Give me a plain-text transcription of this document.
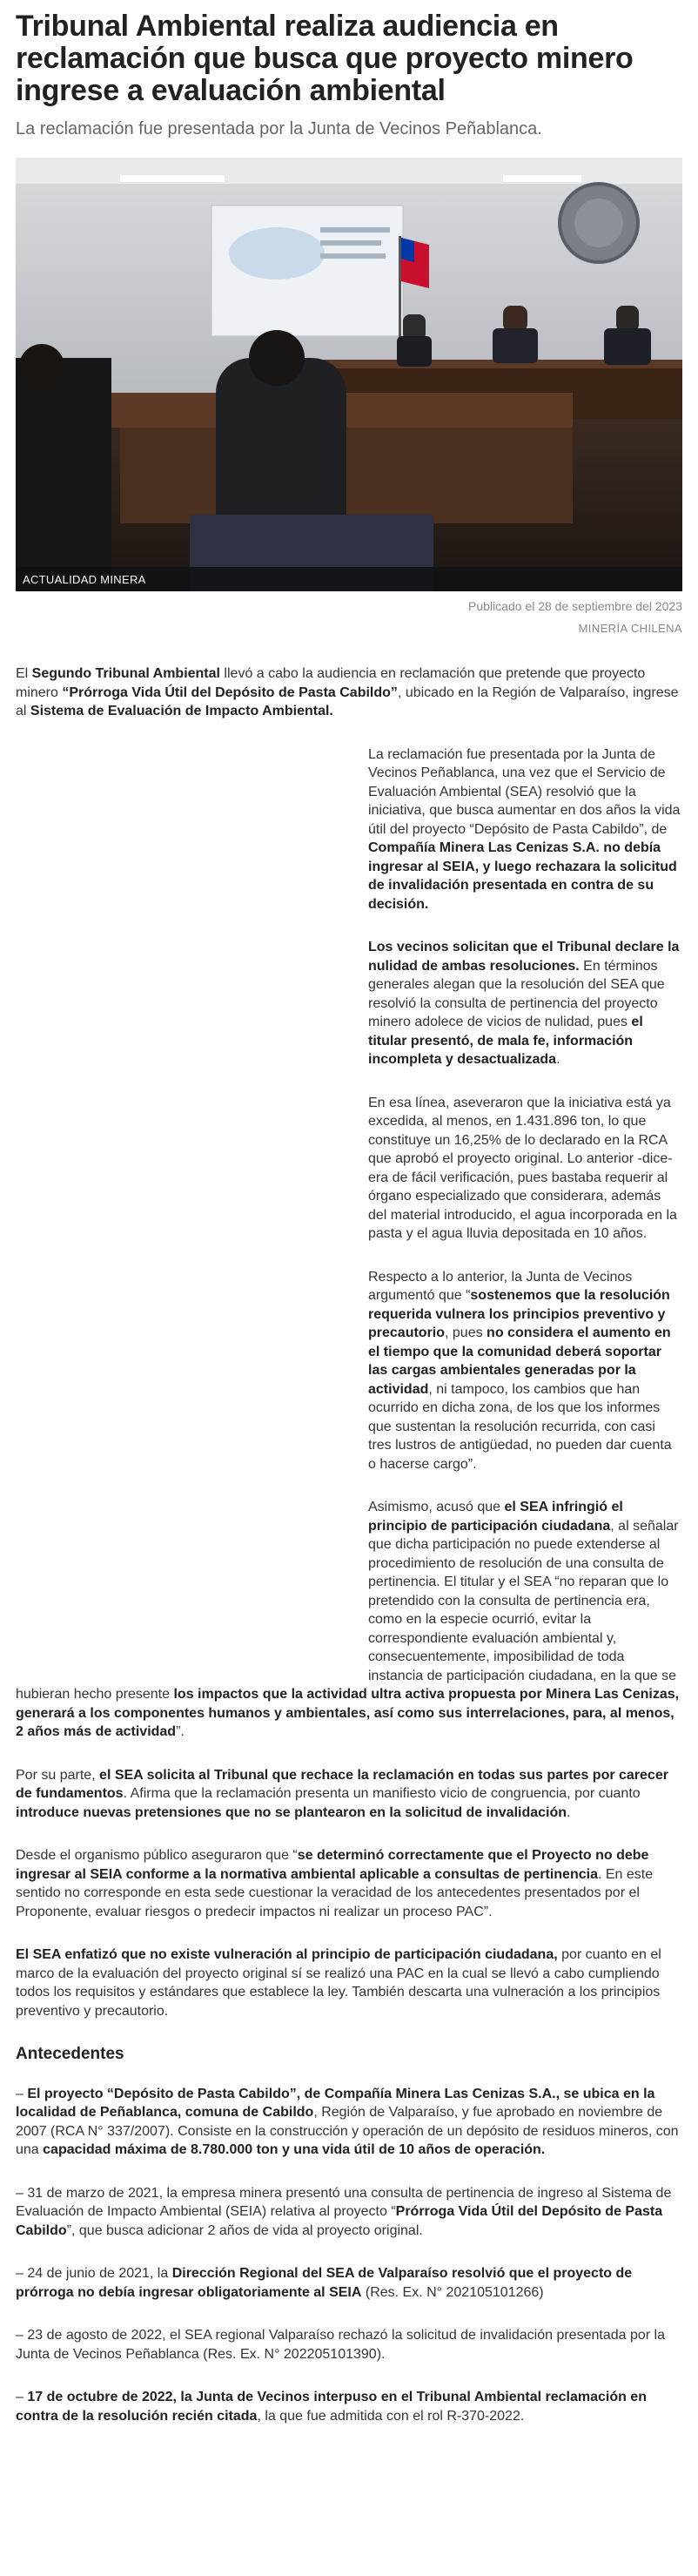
Tribunal Ambiental realiza audiencia en reclamación que busca que proyecto minero ingrese a evaluación ambiental

La reclamación fue presentada por la Junta de Vecinos Peñablanca.

ACTUALIDAD MINERA
Publicado el 28 de septiembre del 2023
MINERÍA CHILENA

El Segundo Tribunal Ambiental llevó a cabo la audiencia en reclamación que pretende que proyecto minero “Prórroga Vida Útil del Depósito de Pasta Cabildo”, ubicado en la Región de Valparaíso, ingrese al Sistema de Evaluación de Impacto Ambiental.

La reclamación fue presentada por la Junta de Vecinos Peñablanca, una vez que el Servicio de Evaluación Ambiental (SEA) resolvió que la iniciativa, que busca aumentar en dos años la vida útil del proyecto “Depósito de Pasta Cabildo”, de Compañía Minera Las Cenizas S.A. no debía ingresar al SEIA, y luego rechazara la solicitud de invalidación presentada en contra de su decisión.

Los vecinos solicitan que el Tribunal declare la nulidad de ambas resoluciones. En términos generales alegan que la resolución del SEA que resolvió la consulta de pertinencia del proyecto minero adolece de vicios de nulidad, pues el titular presentó, de mala fe, información incompleta y desactualizada.

En esa línea, aseveraron que la iniciativa está ya excedida, al menos, en 1.431.896 ton, lo que constituye un 16,25% de lo declarado en la RCA que aprobó el proyecto original. Lo anterior -dice- era de fácil verificación, pues bastaba requerir al órgano especializado que considerara, además del material introducido, el agua incorporada en la pasta y el agua lluvia depositada en 10 años.

Respecto a lo anterior, la Junta de Vecinos argumentó que “sostenemos que la resolución requerida vulnera los principios preventivo y precautorio, pues no considera el aumento en el tiempo que la comunidad deberá soportar las cargas ambientales generadas por la actividad, ni tampoco, los cambios que han ocurrido en dicha zona, de los que los informes que sustentan la resolución recurrida, con casi tres lustros de antigüedad, no pueden dar cuenta o hacerse cargo”.

Asimismo, acusó que el SEA infringió el principio de participación ciudadana, al señalar que dicha participación no puede extenderse al procedimiento de resolución de una consulta de pertinencia. El titular y el SEA “no reparan que lo pretendido con la consulta de pertinencia era, como en la especie ocurrió, evitar la correspondiente evaluación ambiental y, consecuentemente, imposibilidad de toda instancia de participación ciudadana, en la que se hubieran hecho presente los impactos que la actividad ultra activa propuesta por Minera Las Cenizas, generará a los componentes humanos y ambientales, así como sus interrelaciones, para, al menos, 2 años más de actividad”.

Por su parte, el SEA solicita al Tribunal que rechace la reclamación en todas sus partes por carecer de fundamentos. Afirma que la reclamación presenta un manifiesto vicio de congruencia, por cuanto introduce nuevas pretensiones que no se plantearon en la solicitud de invalidación.

Desde el organismo público aseguraron que “se determinó correctamente que el Proyecto no debe ingresar al SEIA conforme a la normativa ambiental aplicable a consultas de pertinencia. En este sentido no corresponde en esta sede cuestionar la veracidad de los antecedentes presentados por el Proponente, evaluar riesgos o predecir impactos ni realizar un proceso PAC”.

El SEA enfatizó que no existe vulneración al principio de participación ciudadana, por cuanto en el marco de la evaluación del proyecto original sí se realizó una PAC en la cual se llevó a cabo cumpliendo todos los requisitos y estándares que establece la ley. También descarta una vulneración a los principios preventivo y precautorio.

Antecedentes

– El proyecto “Depósito de Pasta Cabildo”, de Compañía Minera Las Cenizas S.A., se ubica en la localidad de Peñablanca, comuna de Cabildo, Región de Valparaíso, y fue aprobado en noviembre de 2007 (RCA N° 337/2007). Consiste en la construcción y operación de un depósito de residuos mineros, con una capacidad máxima de 8.780.000 ton y una vida útil de 10 años de operación.

– 31 de marzo de 2021, la empresa minera presentó una consulta de pertinencia de ingreso al Sistema de Evaluación de Impacto Ambiental (SEIA) relativa al proyecto “Prórroga Vida Útil del Depósito de Pasta Cabildo”, que busca adicionar 2 años de vida al proyecto original.

– 24 de junio de 2021, la Dirección Regional del SEA de Valparaíso resolvió que el proyecto de prórroga no debía ingresar obligatoriamente al SEIA (Res. Ex. N° 202105101266)

– 23 de agosto de 2022, el SEA regional Valparaíso rechazó la solicitud de invalidación presentada por la Junta de Vecinos Peñablanca (Res. Ex. N° 202205101390).

– 17 de octubre de 2022, la Junta de Vecinos interpuso en el Tribunal Ambiental reclamación en contra de la resolución recién citada, la que fue admitida con el rol R-370-2022.
